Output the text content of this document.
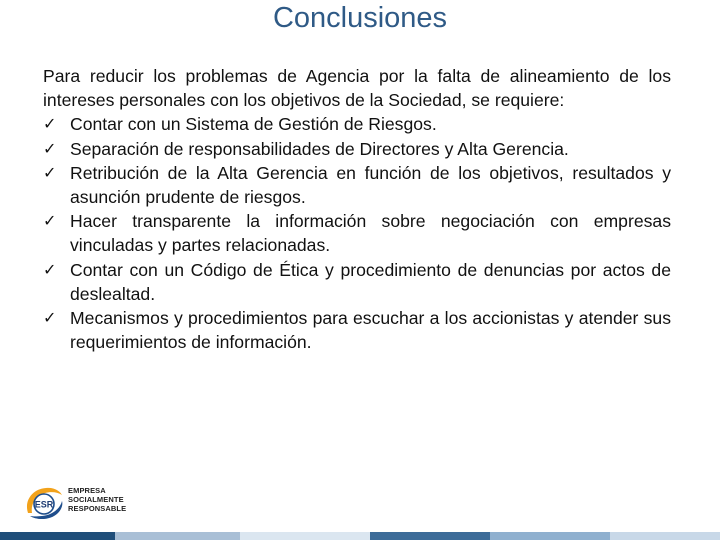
Conclusiones

Para reducir los problemas de Agencia por la falta de alineamiento de los intereses personales con los objetivos de la Sociedad, se requiere:

✓ Contar con un Sistema de Gestión de Riesgos.
✓ Separación de responsabilidades de Directores y Alta Gerencia.
✓ Retribución de la Alta Gerencia en función de los objetivos, resultados y asunción prudente de riesgos.
✓ Hacer transparente la información sobre negociación con empresas vinculadas y partes relacionadas.
✓ Contar con un Código de Ética y procedimiento de denuncias por actos de deslealtad.
✓ Mecanismos y procedimientos para escuchar a los accionistas y atender sus requerimientos de información.
ESR
EMPRESA
SOCIALMENTE
RESPONSABLE
